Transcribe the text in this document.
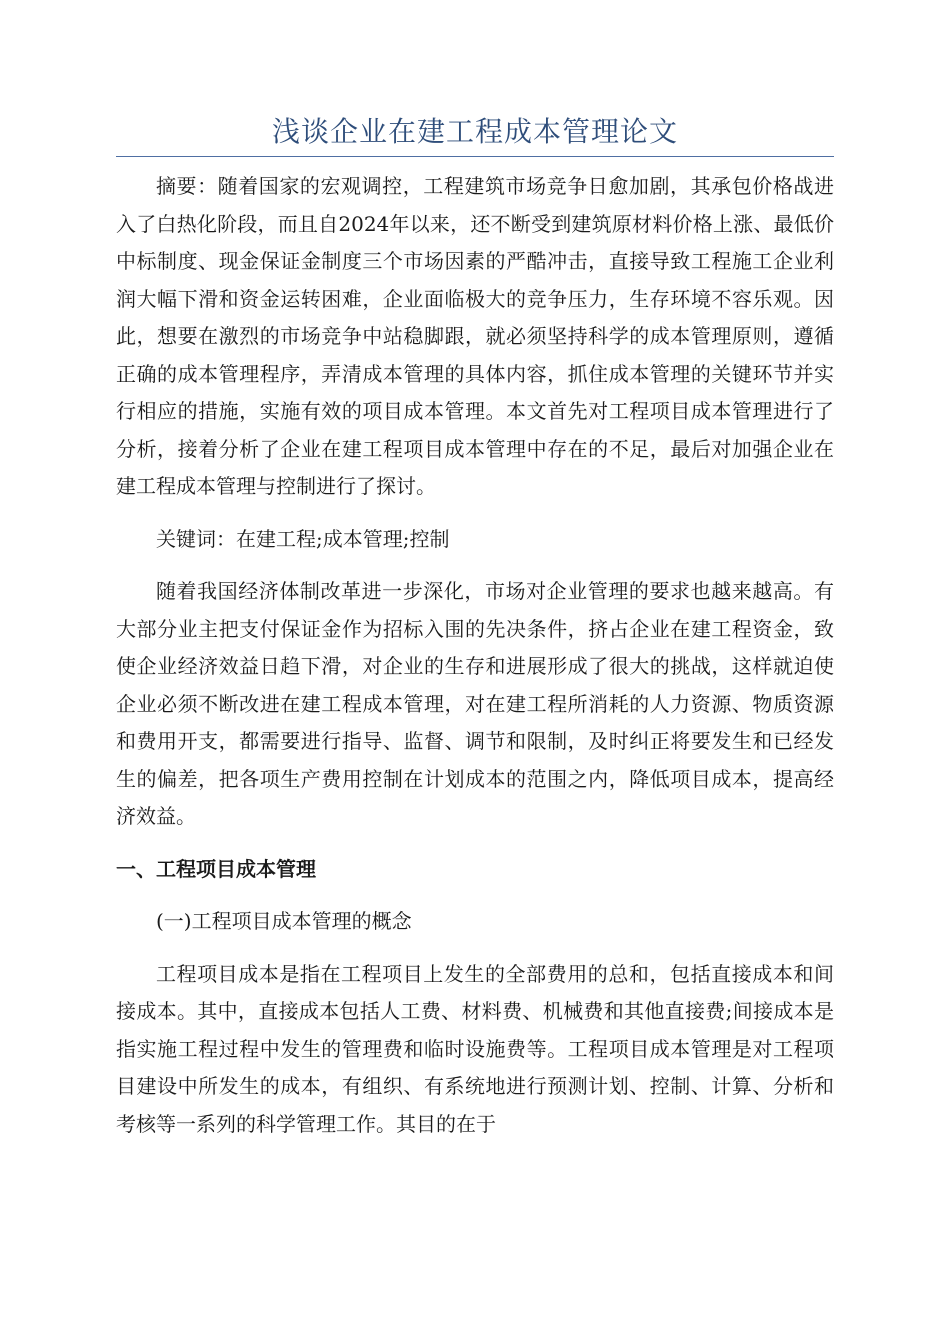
浅谈企业在建工程成本管理论文

摘要：随着国家的宏观调控，工程建筑市场竞争日愈加剧，其承包价格战进入了白热化阶段，而且自2024年以来，还不断受到建筑原材料价格上涨、最低价中标制度、现金保证金制度三个市场因素的严酷冲击，直接导致工程施工企业利润大幅下滑和资金运转困难，企业面临极大的竞争压力，生存环境不容乐观。因此，想要在激烈的市场竞争中站稳脚跟，就必须坚持科学的成本管理原则，遵循正确的成本管理程序，弄清成本管理的具体内容，抓住成本管理的关键环节并实行相应的措施，实施有效的项目成本管理。本文首先对工程项目成本管理进行了分析，接着分析了企业在建工程项目成本管理中存在的不足，最后对加强企业在建工程成本管理与控制进行了探讨。

关键词：在建工程;成本管理;控制

随着我国经济体制改革进一步深化，市场对企业管理的要求也越来越高。有大部分业主把支付保证金作为招标入围的先决条件，挤占企业在建工程资金，致使企业经济效益日趋下滑，对企业的生存和进展形成了很大的挑战，这样就迫使企业必须不断改进在建工程成本管理，对在建工程所消耗的人力资源、物质资源和费用开支，都需要进行指导、监督、调节和限制，及时纠正将要发生和已经发生的偏差，把各项生产费用控制在计划成本的范围之内，降低项目成本，提高经济效益。

一、工程项目成本管理

(一)工程项目成本管理的概念

工程项目成本是指在工程项目上发生的全部费用的总和，包括直接成本和间接成本。其中，直接成本包括人工费、材料费、机械费和其他直接费;间接成本是指实施工程过程中发生的管理费和临时设施费等。工程项目成本管理是对工程项目建设中所发生的成本，有组织、有系统地进行预测计划、控制、计算、分析和考核等一系列的科学管理工作。其目的在于
